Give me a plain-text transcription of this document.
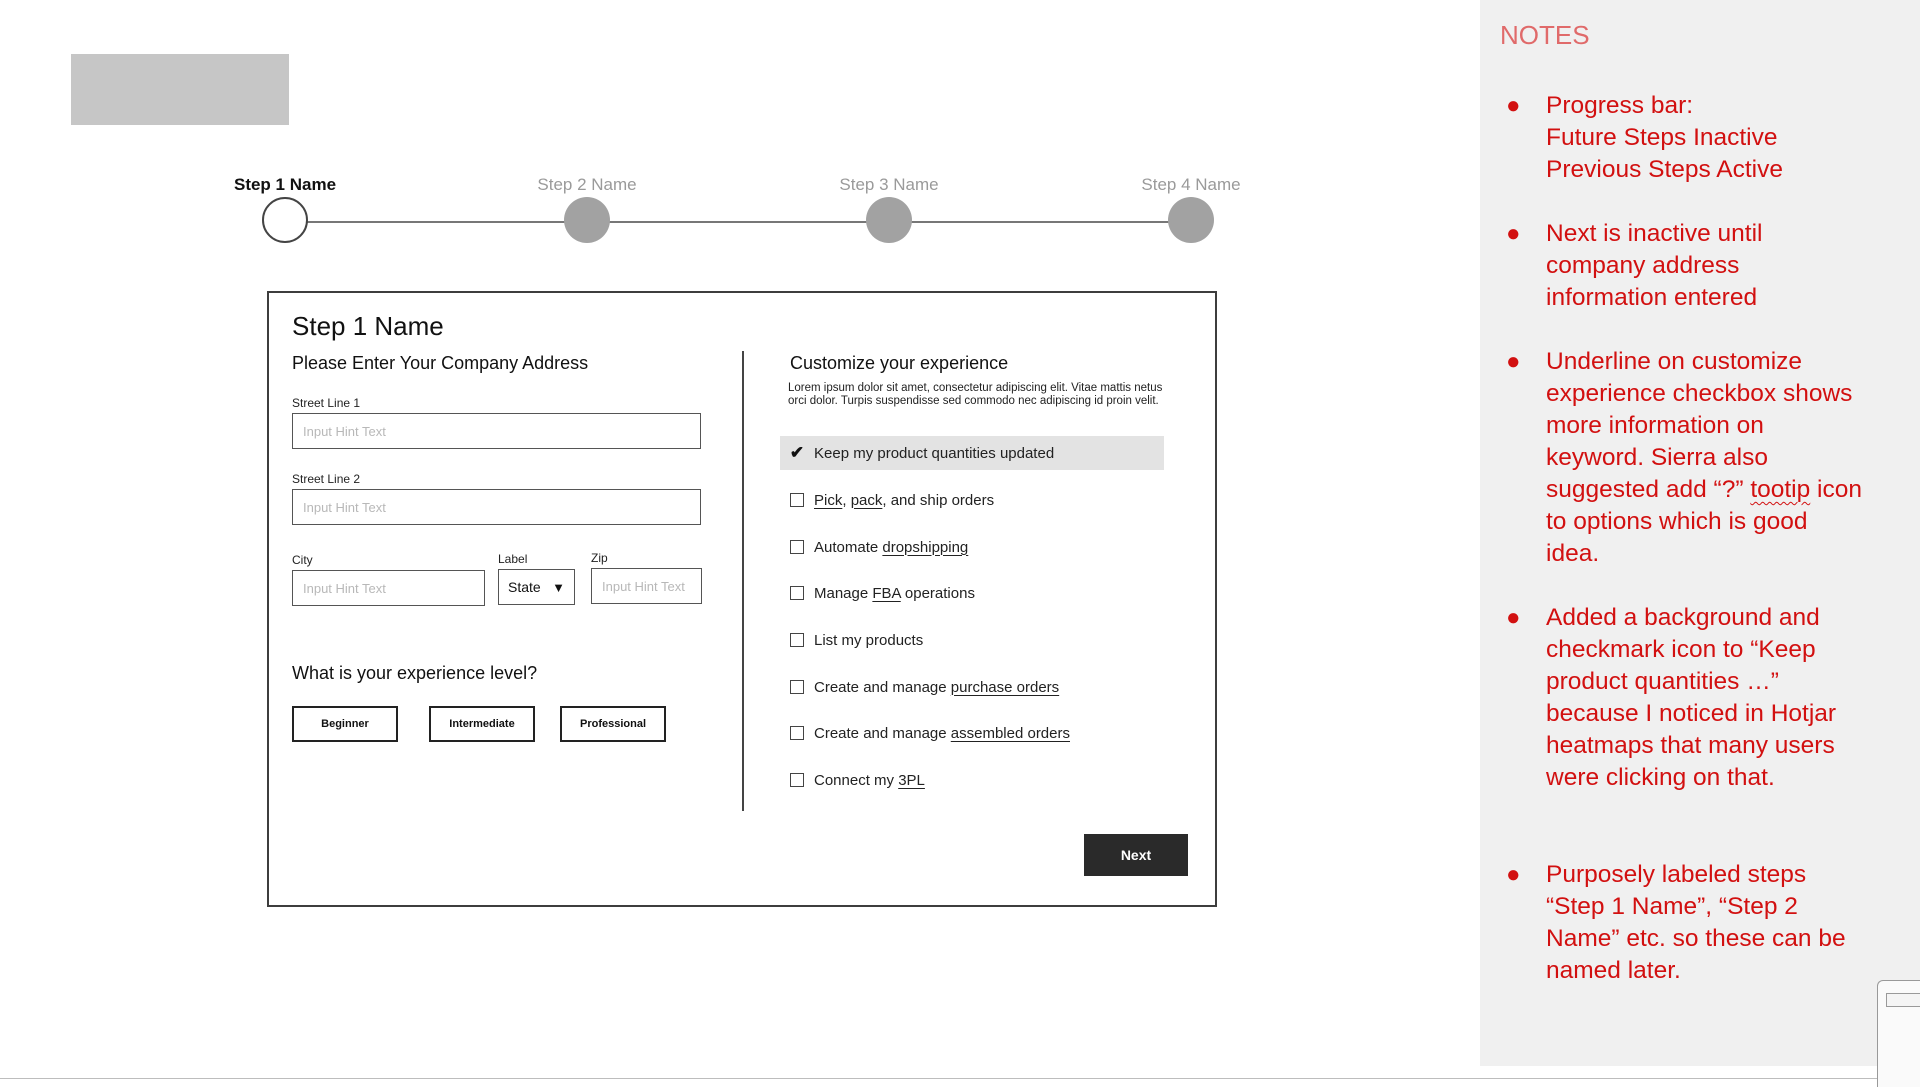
Step 1 Name	Step 2 Name	Step 3 Name	Step 4 Name
Step 1 Name
Please Enter Your Company Address
Street Line 1
Input Hint Text
Street Line 2
Input Hint Text
City
Input Hint Text	Label
State ▼
Zip
Input Hint Text
What is your experience level?
Beginner	Intermediate	Professional
Customize your experience
Lorem ipsum dolor sit amet, consectetur adipiscing elit. Vitae mattis netus orci dolor. Turpis suspendisse sed commodo nec adipiscing id proin velit.
✔ Keep my product quantities updated
Pick, pack, and ship orders
Automate dropshipping
Manage FBA operations
List my products
Create and manage purchase orders
Create and manage assembled orders
Connect my 3PL
Next
NOTES
● Progress bar:
Future Steps Inactive
Previous Steps Active
● Next is inactive until
company address
information entered
● Underline on customize
experience checkbox shows
more information on
keyword. Sierra also
suggested add “?” tootip icon
to options which is good
idea.
● Added a background and
checkmark icon to “Keep
product quantities …”
because I noticed in Hotjar
heatmaps that many users
were clicking on that.
● Purposely labeled steps
“Step 1 Name”, “Step 2
Name” etc. so these can be
named later.
